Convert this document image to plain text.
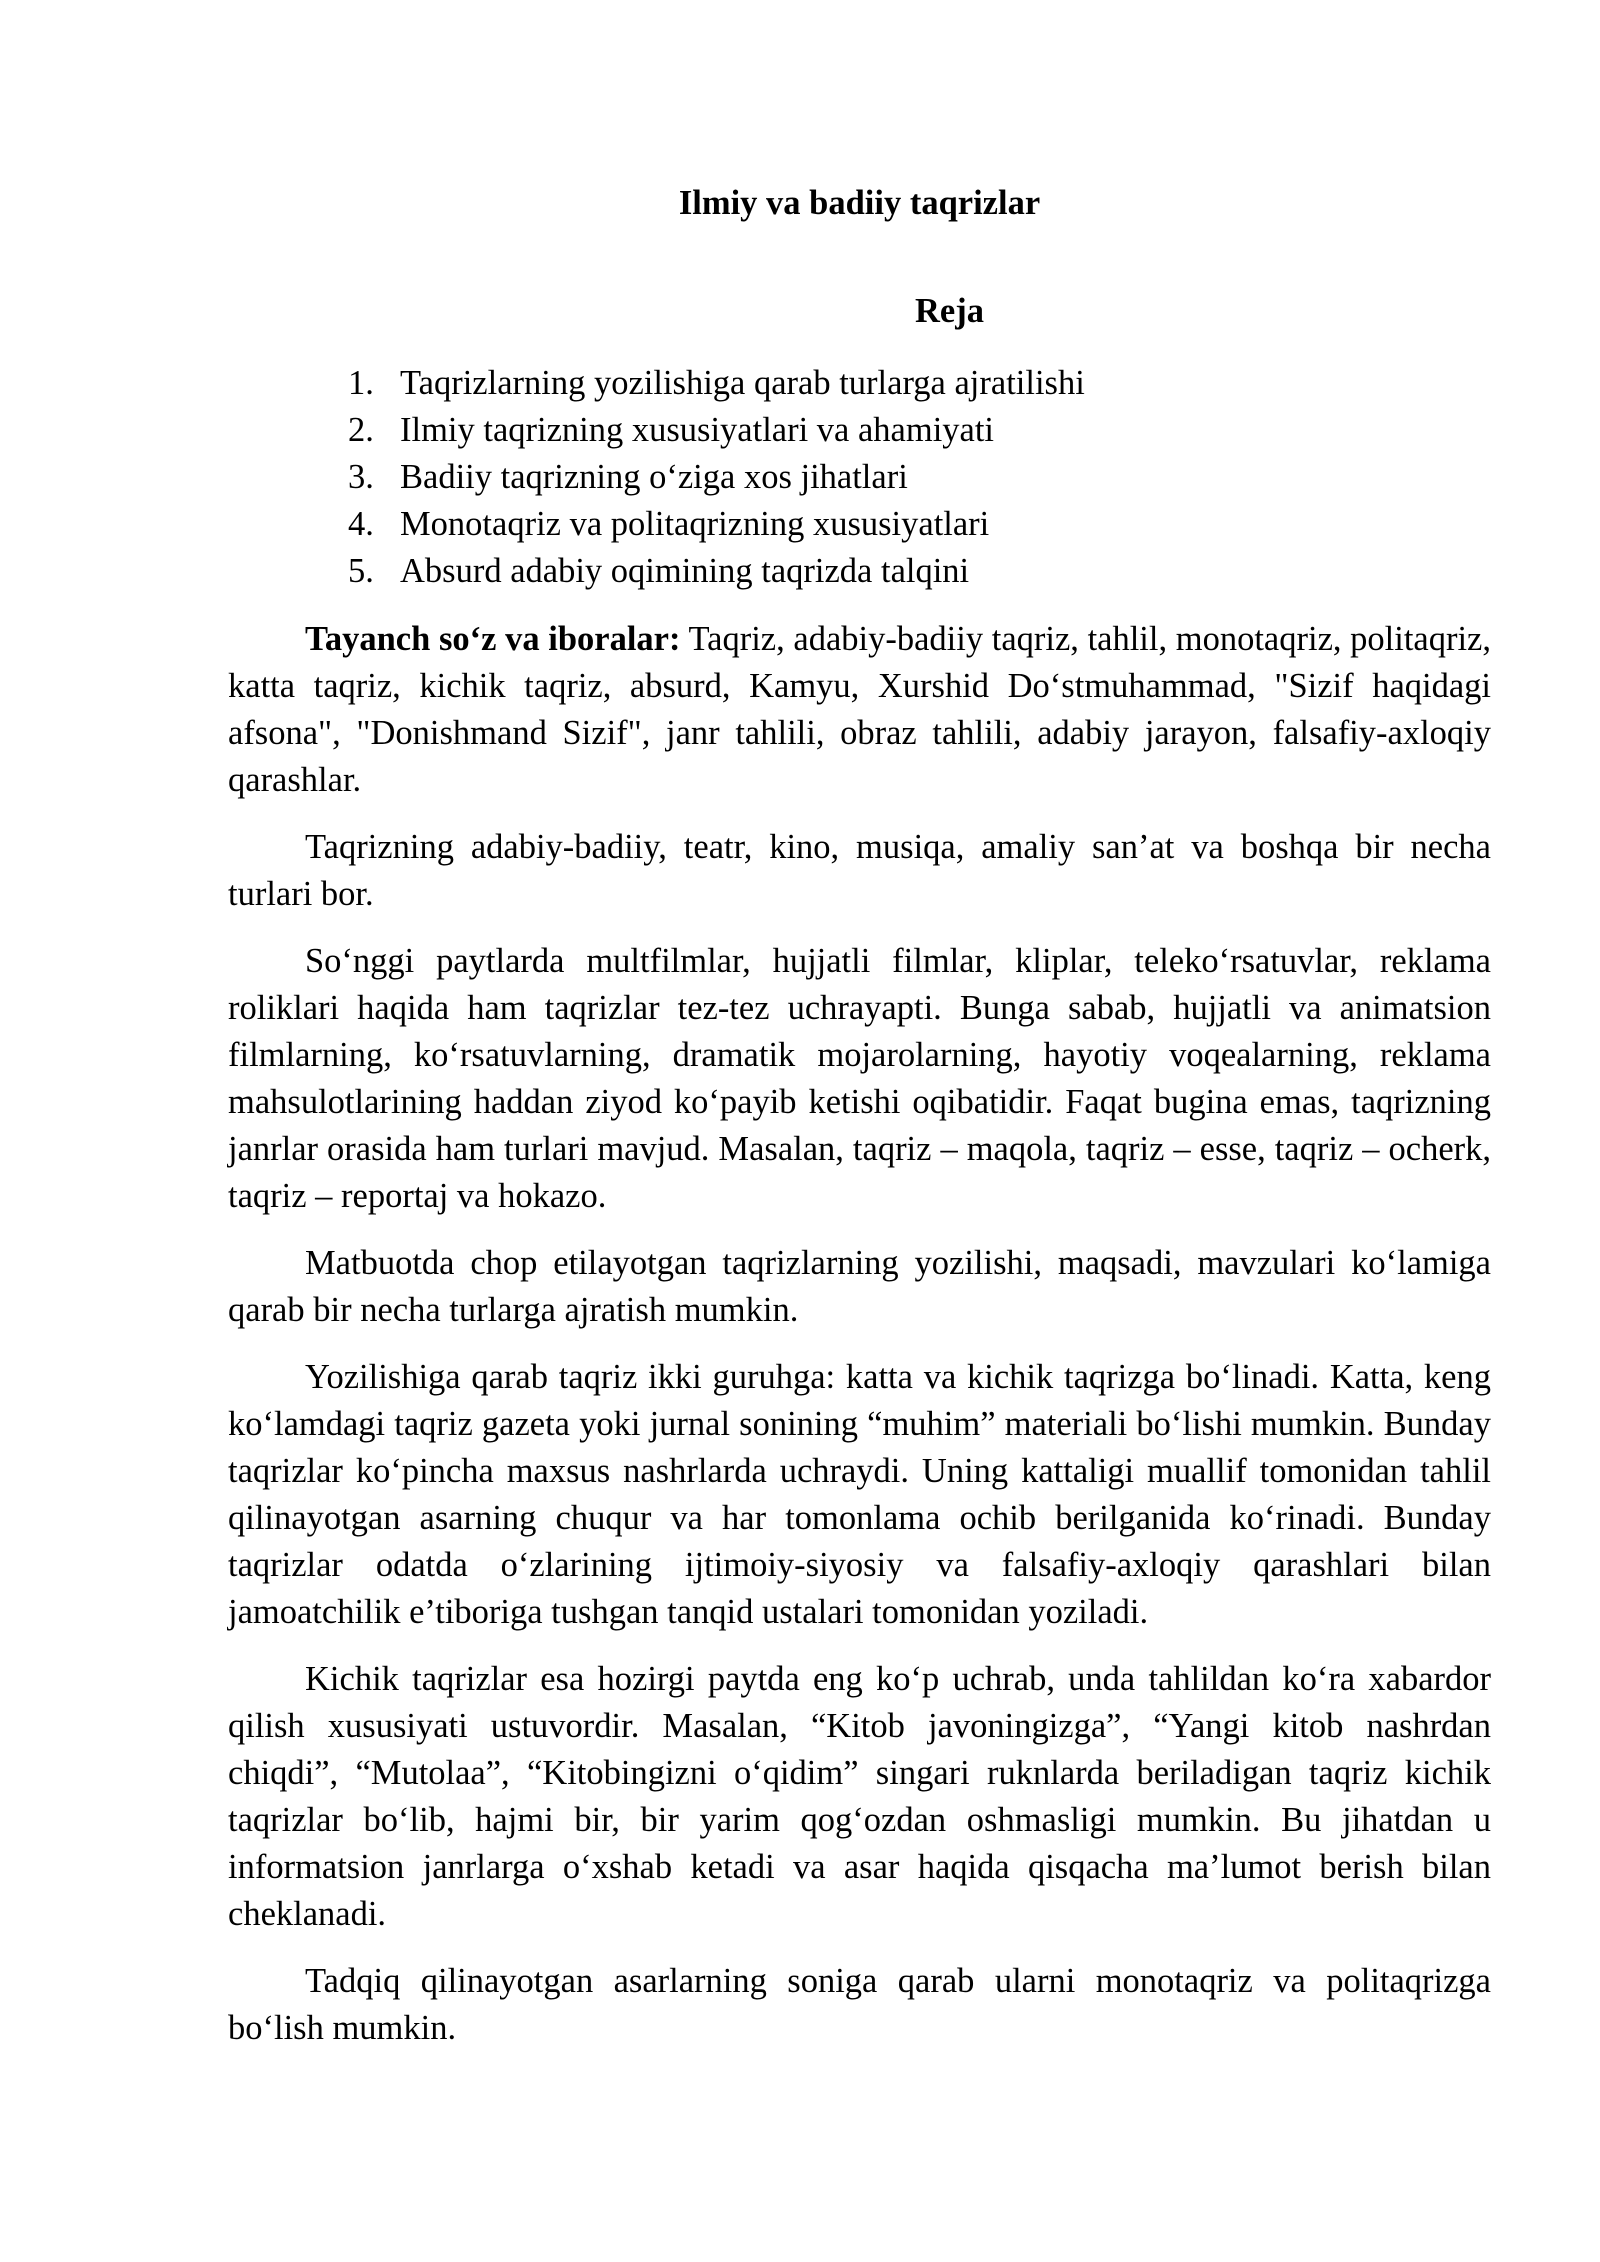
Ilmiy va badiiy taqrizlar
Reja
1. Taqrizlarning yozilishiga qarab turlarga ajratilishi
2. Ilmiy taqrizning xususiyatlari va ahamiyati
3. Badiiy taqrizning o‘ziga xos jihatlari
4. Monotaqriz va politaqrizning xususiyatlari
5. Absurd adabiy oqimining taqrizda talqini

Tayanch so‘z va iboralar: Taqriz, adabiy-badiiy taqriz, tahlil, monotaqriz, politaqriz, katta taqriz, kichik taqriz, absurd, Kamyu, Xurshid Do‘stmuhammad, "Sizif haqidagi afsona", "Donishmand Sizif", janr tahlili, obraz tahlili, adabiy jarayon, falsafiy-axloqiy qarashlar.

Taqrizning adabiy-badiiy, teatr, kino, musiqa, amaliy san’at va boshqa bir necha turlari bor.

So‘nggi paytlarda multfilmlar, hujjatli filmlar, kliplar, teleko‘rsatuvlar, reklama roliklari haqida ham taqrizlar tez-tez uchrayapti. Bunga sabab, hujjatli va animatsion filmlarning, ko‘rsatuvlarning, dramatik mojarolarning, hayotiy voqealarning, reklama mahsulotlarining haddan ziyod ko‘payib ketishi oqibatidir. Faqat bugina emas, taqrizning janrlar orasida ham turlari mavjud. Masalan, taqriz – maqola, taqriz – esse, taqriz – ocherk, taqriz – reportaj va hokazo.

Matbuotda chop etilayotgan taqrizlarning yozilishi, maqsadi, mavzulari ko‘lamiga qarab bir necha turlarga ajratish mumkin.

Yozilishiga qarab taqriz ikki guruhga: katta va kichik taqrizga bo‘linadi. Katta, keng ko‘lamdagi taqriz gazeta yoki jurnal sonining “muhim” materiali bo‘lishi mumkin. Bunday taqrizlar ko‘pincha maxsus nashrlarda uchraydi. Uning kattaligi muallif tomonidan tahlil qilinayotgan asarning chuqur va har tomonlama ochib berilganida ko‘rinadi. Bunday taqrizlar odatda o‘zlarining ijtimoiy-siyosiy va falsafiy-axloqiy qarashlari bilan jamoatchilik e’tiboriga tushgan tanqid ustalari tomonidan yoziladi.

Kichik taqrizlar esa hozirgi paytda eng ko‘p uchrab, unda tahlildan ko‘ra xabardor qilish xususiyati ustuvordir. Masalan, “Kitob javoningizga”, “Yangi kitob nashrdan chiqdi”, “Mutolaa”, “Kitobingizni o‘qidim” singari ruknlarda beriladigan taqriz kichik taqrizlar bo‘lib, hajmi bir, bir yarim qog‘ozdan oshmasligi mumkin. Bu jihatdan u informatsion janrlarga o‘xshab ketadi va asar haqida qisqacha ma’lumot berish bilan cheklanadi.

Tadqiq qilinayotgan asarlarning soniga qarab ularni monotaqriz va politaqrizga bo‘lish mumkin.
